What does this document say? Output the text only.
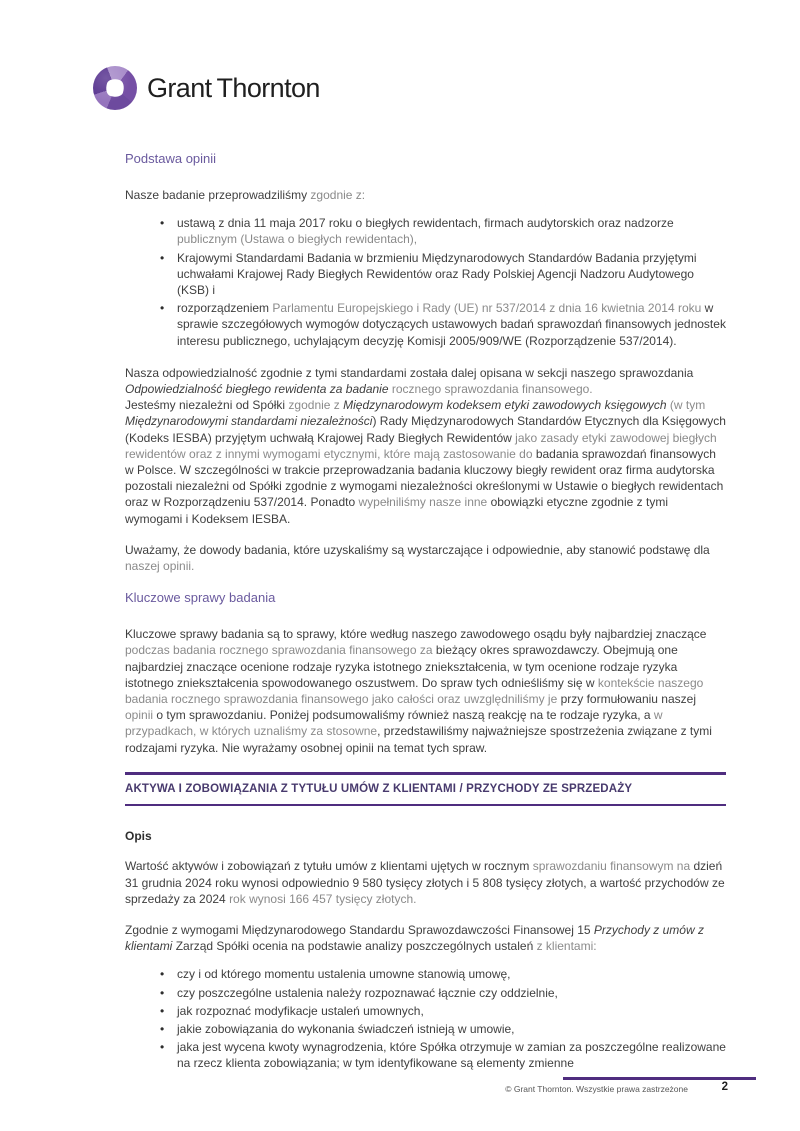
Grant Thornton
Podstawa opinii

Nasze badanie przeprowadziliśmy zgodnie z:

• ustawą z dnia 11 maja 2017 roku o biegłych rewidentach, firmach audytorskich oraz nadzorze publicznym (Ustawa o biegłych rewidentach),
• Krajowymi Standardami Badania w brzmieniu Międzynarodowych Standardów Badania przyjętymi uchwałami Krajowej Rady Biegłych Rewidentów oraz Rady Polskiej Agencji Nadzoru Audytowego (KSB) i
• rozporządzeniem Parlamentu Europejskiego i Rady (UE) nr 537/2014 z dnia 16 kwietnia 2014 roku w sprawie szczegółowych wymogów dotyczących ustawowych badań sprawozdań finansowych jednostek interesu publicznego, uchylającym decyzję Komisji 2005/909/WE (Rozporządzenie 537/2014).

Nasza odpowiedzialność zgodnie z tymi standardami została dalej opisana w sekcji naszego sprawozdania Odpowiedzialność biegłego rewidenta za badanie rocznego sprawozdania finansowego.

Jesteśmy niezależni od Spółki zgodnie z Międzynarodowym kodeksem etyki zawodowych księgowych (w tym Międzynarodowymi standardami niezależności) Rady Międzynarodowych Standardów Etycznych dla Księgowych (Kodeks IESBA) przyjętym uchwałą Krajowej Rady Biegłych Rewidentów jako zasady etyki zawodowej biegłych rewidentów oraz z innymi wymogami etycznymi, które mają zastosowanie do badania sprawozdań finansowych w Polsce. W szczególności w trakcie przeprowadzania badania kluczowy biegły rewident oraz firma audytorska pozostali niezależni od Spółki zgodnie z wymogami niezależności określonymi w Ustawie o biegłych rewidentach oraz w Rozporządzeniu 537/2014. Ponadto wypełniliśmy nasze inne obowiązki etyczne zgodnie z tymi wymogami i Kodeksem IESBA.

Uważamy, że dowody badania, które uzyskaliśmy są wystarczające i odpowiednie, aby stanowić podstawę dla naszej opinii.

Kluczowe sprawy badania

Kluczowe sprawy badania są to sprawy, które według naszego zawodowego osądu były najbardziej znaczące podczas badania rocznego sprawozdania finansowego za bieżący okres sprawozdawczy. Obejmują one najbardziej znaczące ocenione rodzaje ryzyka istotnego zniekształcenia, w tym ocenione rodzaje ryzyka istotnego zniekształcenia spowodowanego oszustwem. Do spraw tych odnieśliśmy się w kontekście naszego badania rocznego sprawozdania finansowego jako całości oraz uwzględniliśmy je przy formułowaniu naszej opinii o tym sprawozdaniu. Poniżej podsumowaliśmy również naszą reakcję na te rodzaje ryzyka, a w przypadkach, w których uznaliśmy za stosowne, przedstawiliśmy najważniejsze spostrzeżenia związane z tymi rodzajami ryzyka. Nie wyrażamy osobnej opinii na temat tych spraw.

AKTYWA I ZOBOWIĄZANIA Z TYTUŁU UMÓW Z KLIENTAMI / PRZYCHODY ZE SPRZEDAŻY
Opis

Wartość aktywów i zobowiązań z tytułu umów z klientami ujętych w rocznym sprawozdaniu finansowym na dzień 31 grudnia 2024 roku wynosi odpowiednio 9 580 tysięcy złotych i 5 808 tysięcy złotych, a wartość przychodów ze sprzedaży za 2024 rok wynosi 166 457 tysięcy złotych.

Zgodnie z wymogami Międzynarodowego Standardu Sprawozdawczości Finansowej 15 Przychody z umów z klientami Zarząd Spółki ocenia na podstawie analizy poszczególnych ustaleń z klientami:

• czy i od którego momentu ustalenia umowne stanowią umowę,
• czy poszczególne ustalenia należy rozpoznawać łącznie czy oddzielnie,
• jak rozpoznać modyfikacje ustaleń umownych,
• jakie zobowiązania do wykonania świadczeń istnieją w umowie,
• jaka jest wycena kwoty wynagrodzenia, które Spółka otrzymuje w zamian za poszczególne realizowane na rzecz klienta zobowiązania; w tym identyfikowane są elementy zmienne
© Grant Thornton. Wszystkie prawa zastrzeżone	2
